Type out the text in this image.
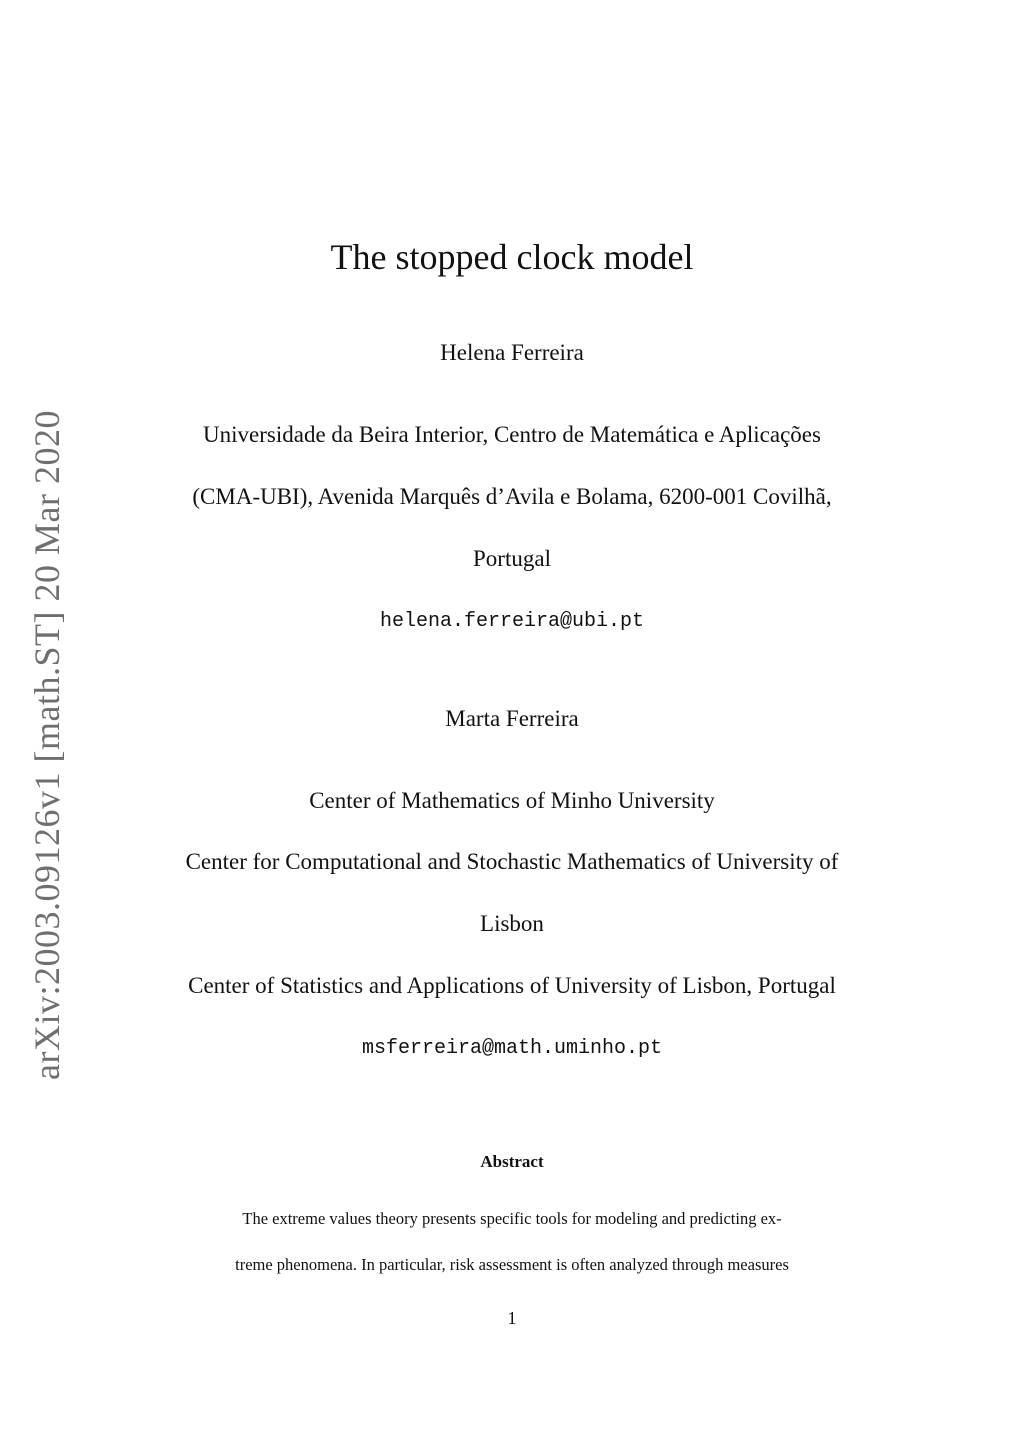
arXiv:2003.09126v1 [math.ST] 20 Mar 2020
The stopped clock model
Helena Ferreira
Universidade da Beira Interior, Centro de Matemática e Aplicações
(CMA-UBI), Avenida Marquês d’Avila e Bolama, 6200-001 Covilhã,
Portugal
helena.ferreira@ubi.pt
Marta Ferreira
Center of Mathematics of Minho University
Center for Computational and Stochastic Mathematics of University of
Lisbon
Center of Statistics and Applications of University of Lisbon, Portugal
msferreira@math.uminho.pt
Abstract
The extreme values theory presents specific tools for modeling and predicting ex-
treme phenomena. In particular, risk assessment is often analyzed through measures
1
